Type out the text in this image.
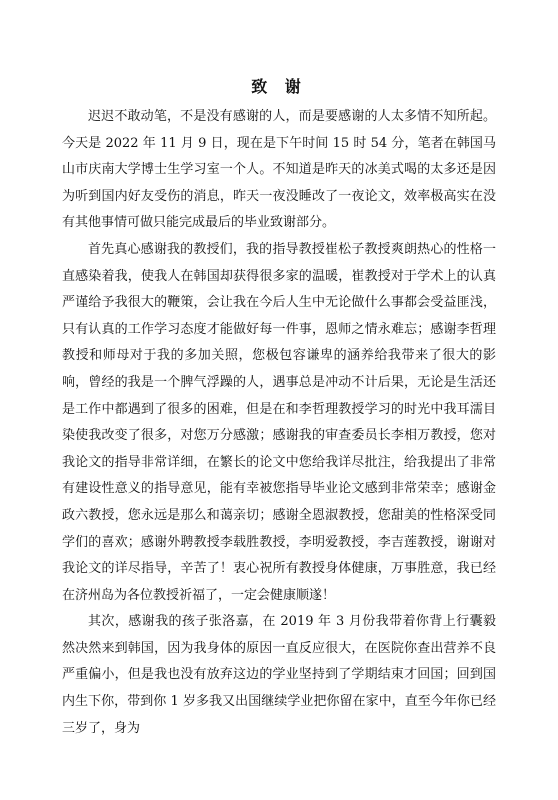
致 谢

迟迟不敢动笔，不是没有感谢的人，而是要感谢的人太多情不知所起。今天是 2022 年 11 月 9 日，现在是下午时间 15 时 54 分，笔者在韩国马山市庆南大学博士生学习室一个人。不知道是昨天的冰美式喝的太多还是因为听到国内好友受伤的消息，昨天一夜没睡改了一夜论文，效率极高实在没有其他事情可做只能完成最后的毕业致谢部分。

首先真心感谢我的教授们，我的指导教授崔松子教授爽朗热心的性格一直感染着我，使我人在韩国却获得很多家的温暖，崔教授对于学术上的认真严谨给予我很大的鞭策，会让我在今后人生中无论做什么事都会受益匪浅，只有认真的工作学习态度才能做好每一件事，恩师之情永难忘；感谢李哲理教授和师母对于我的多加关照，您极包容谦卑的涵养给我带来了很大的影响，曾经的我是一个脾气浮躁的人，遇事总是冲动不计后果，无论是生活还是工作中都遇到了很多的困难，但是在和李哲理教授学习的时光中我耳濡目染使我改变了很多，对您万分感激；感谢我的审查委员长李相万教授，您对我论文的指导非常详细，在繁长的论文中您给我详尽批注，给我提出了非常有建设性意义的指导意见，能有幸被您指导毕业论文感到非常荣幸；感谢金政六教授，您永远是那么和蔼亲切；感谢全恩淑教授，您甜美的性格深受同学们的喜欢；感谢外聘教授李载胜教授，李明爱教授，李吉莲教授，谢谢对我论文的详尽指导，辛苦了！衷心祝所有教授身体健康，万事胜意，我已经在济州岛为各位教授祈福了，一定会健康顺遂！

其次，感谢我的孩子张洛嘉，在 2019 年 3 月份我带着你背上行囊毅然决然来到韩国，因为我身体的原因一直反应很大，在医院你查出营养不良严重偏小，但是我也没有放弃这边的学业坚持到了学期结束才回国；回到国内生下你，带到你 1 岁多我又出国继续学业把你留在家中，直至今年你已经三岁了，身为
